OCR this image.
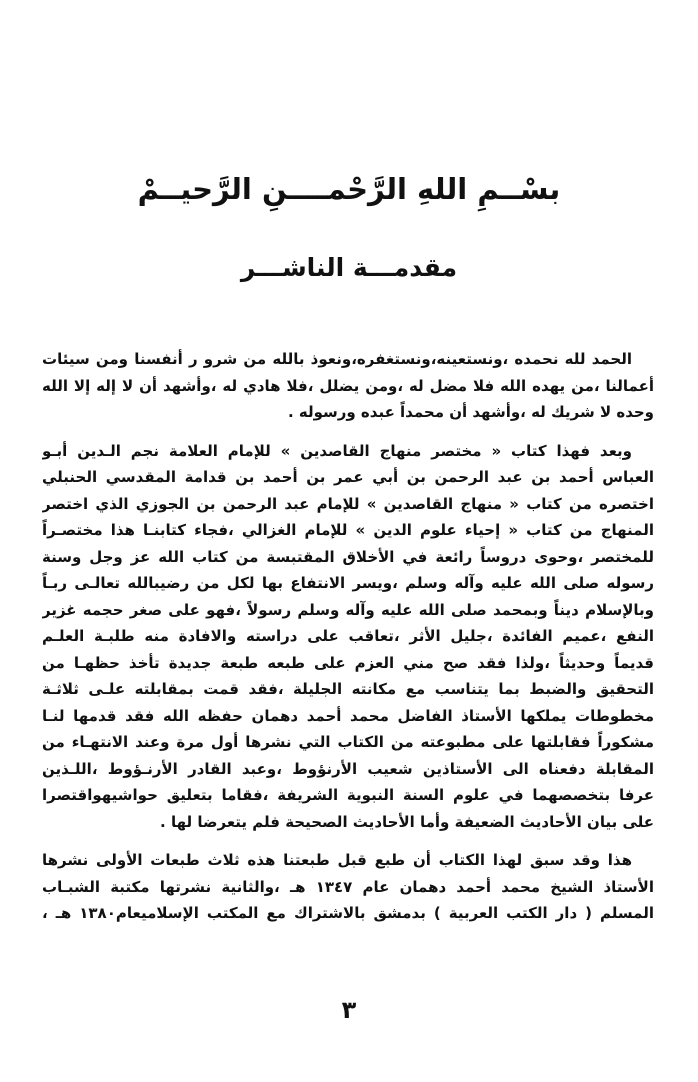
بسْــمِ اللهِ الرَّحْمــــنِ الرَّحيــمْ
مقدمـــة الناشـــر
الحمد لله نحمده ،ونستعينه،ونستغفره،ونعوذ بالله من شرو ر أنفسنا ومن سيئات
أعمالنا ،من يهده الله فلا مضل له ،ومن يضلل ،فلا هادي له ،وأشهد أن لا إله إلا الله
وحده لا شريك له ،وأشهد أن محمداً عبده ورسوله .
وبعد فهذا كتاب « مختصر منهاج القاصدين » للإمام العلامة نجم الـدين أبـو
العباس أحمد بن عبد الرحمن بن أبي عمر بن أحمد بن قدامة المقدسي الحنبلي
اختصره من كتاب « منهاج القاصدين » للإمام عبد الرحمن بن الجوزي الذي اختصر
المنهاج من كتاب « إحياء علوم الدين » للإمام الغزالي ،فجاء كتابنـا هذا مختصـراً
للمختصر ،وحوى دروساً رائعة في الأخلاق المقتبسة من كتاب الله عز وجل وسنة
رسوله صلى الله عليه وآله وسلم ،ويسر الانتفاع بها لكل من رضيبالله تعالـى ربـاً
وبالإسلام ديناً وبمحمد صلى الله عليه وآله وسلم رسولاً ،فهو على صغر حجمه غزير
النفع ،عميم الفائدة ،جليل الأثر ،تعاقب على دراسته والافادة منه طلبـة العلـم
قديماً وحديثاً ،ولذا فقد صح مني العزم على طبعه طبعة جديدة تأخذ حظهـا من
التحقيق والضبط بما يتناسب مع مكانته الجليلة ،فقد قمت بمقابلته علـى ثلاثـة
مخطوطات يملكها الأستاذ الفاضل محمد أحمد دهمان حفظه الله فقد قدمها لنـا
مشكوراً فقابلتها على مطبوعته من الكتاب التي نشرها أول مرة وعند الانتهـاء من
المقابلة دفعناه الى الأستاذين شعيب الأرنؤوط ،وعبد القادر الأرنـؤوط ،اللـذين
عرفا بتخصصهما في علوم السنة النبوية الشريفة ،فقاما بتعليق حواشيهواقتصرا
على بيان الأحاديث الضعيفة وأما الأحاديث الصحيحة فلم يتعرضا لها .
هذا وقد سبق لهذا الكتاب أن طبع قبل طبعتنا هذه ثلاث طبعات الأولى نشرها
الأستاذ الشيخ محمد أحمد دهمان عام ١٣٤٧ هـ ،والثانية نشرتها مكتبة الشبـاب
المسلم ( دار الكتب العربية ) بدمشق بالاشتراك مع المكتب الإسلاميعام١٣٨٠ هـ ،
٣
